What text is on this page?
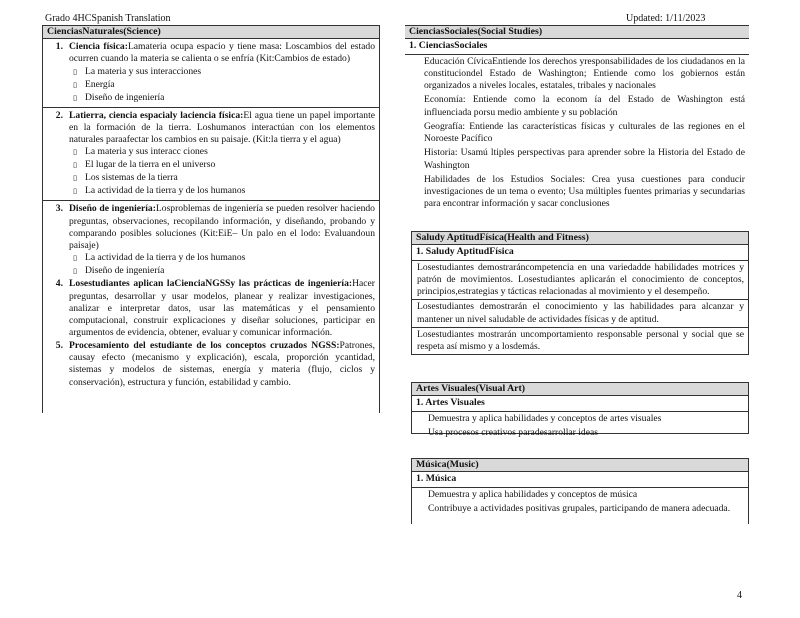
Grado 4HCSpanish Translation	Updated: 1/11/2023
CienciasNaturales(Science)
1. Ciencia física:Lamateria ocupa espacio y tiene masa: Loscambios del estado ocurren cuando la materia se calienta o se enfría (Kit:Cambios de estado)
▯ La materia y sus interacciones
▯ Energía
▯ Diseño de ingeniería
2. Latierra, ciencia espacialy laciencia física:El agua tiene un papel importante en la formación de la tierra. Loshumanos interactúan con los elementos naturales paraafectar los cambios en su paisaje. (Kit:la tierra y el agua)
▯ La materia y sus interacc ciones
▯ El lugar de la tierra en el universo
▯ Los sistemas de la tierra
▯ La actividad de la tierra y de los humanos
3. Diseño de ingeniería:Losproblemas de ingeniería se pueden resolver haciendo preguntas, observaciones, recopilando información, y diseñando, probando y comparando posibles soluciones (Kit:EiE– Un palo en el lodo: Evaluandoun paisaje)
▯ La actividad de la tierra y de los humanos
▯ Diseño de ingeniería
4. Losestudiantes aplican laCienciaNGSSy las prácticas de ingeniería:Hacer preguntas, desarrollar y usar modelos, planear y realizar investigaciones, analizar e interpretar datos, usar las matemáticas y el pensamiento computacional, construir explicaciones y diseñar soluciones, participar en argumentos de evidencia, obtener, evaluar y comunicar información.
5. Procesamiento del estudiante de los conceptos cruzados NGSS:Patrones, causay efecto (mecanismo y explicación), escala, proporción ycantidad, sistemas y modelos de sistemas, energía y materia (flujo, ciclos y conservación), estructura y función, estabilidad y cambio.
CienciasSociales(Social Studies)
1. CienciasSociales
Educación CívicaEntiende los derechos yresponsabilidades de los ciudadanos en la constituciondel Estado de Washington; Entiende como los gobiernos están organizados a niveles locales, estatales, tribales y nacionales
Economía: Entiende como la econom ía del Estado de Washington está influenciada porsu medio ambiente y su población
Geografía: Entiende las características físicas y culturales de las regiones en el Noroeste Pacífico
Historia: Usamú ltiples perspectivas para aprender sobre la Historia del Estado de Washington
Habilidades de los Estudios Sociales: Crea yusa cuestiones para conducir investigaciones de un tema o evento; Usa múltiples fuentes primarias y secundarias para encontrar información y sacar conclusiones
Saludy AptitudFísica(Health and Fitness)
1. Saludy AptitudFísica
Losestudiantes demostraráncompetencia en una variedadde habilidades motrices y patrón de movimientos. Losestudiantes aplicarán el conocimiento de conceptos, principios,estrategias y tácticas relacionadas al movimiento y el desempeño.
Losestudiantes demostrarán el conocimiento y las habilidades para alcanzar y mantener un nivel saludable de actividades físicas y de aptitud.
Losestudiantes mostrarán uncomportamiento responsable personal y social que se respeta así mismo y a losdemás.
Artes Visuales(Visual Art)
1. Artes Visuales
Demuestra y aplica habilidades y conceptos de artes visuales
Usa procesos creativos paradesarrollar ideas
Música(Music)
1. Música
Demuestra y aplica habilidades y conceptos de música
Contribuye a actividades positivas grupales, participando de manera adecuada.
4
